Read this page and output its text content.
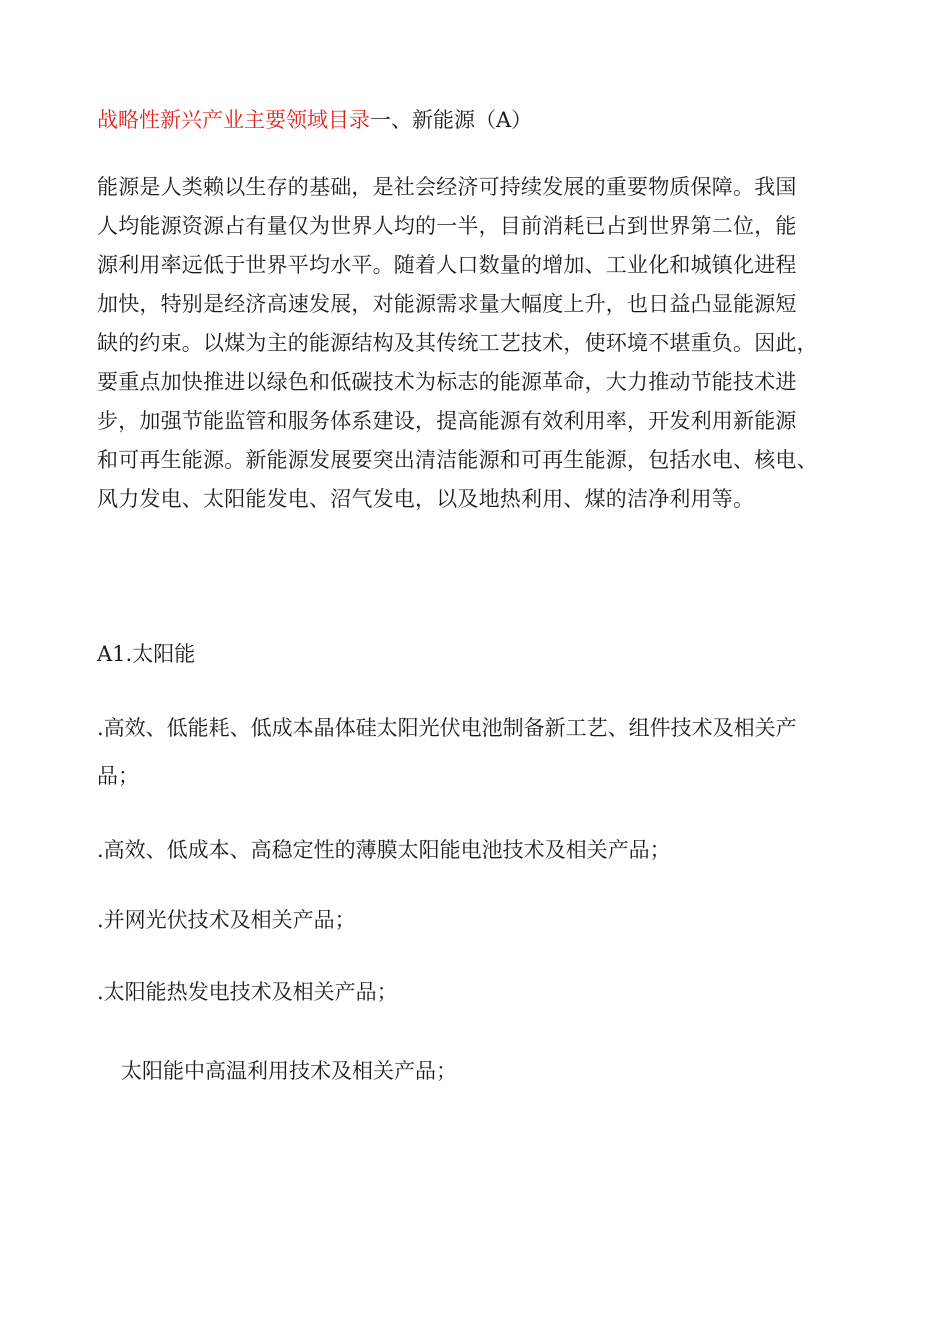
战略性新兴产业主要领域目录一、新能源（A）
能源是人类赖以生存的基础，是社会经济可持续发展的重要物质保障。我国
人均能源资源占有量仅为世界人均的一半，目前消耗已占到世界第二位，能
源利用率远低于世界平均水平。随着人口数量的增加、工业化和城镇化进程
加快，特别是经济高速发展，对能源需求量大幅度上升，也日益凸显能源短
缺的约束。以煤为主的能源结构及其传统工艺技术，使环境不堪重负。因此，
要重点加快推进以绿色和低碳技术为标志的能源革命，大力推动节能技术进
步，加强节能监管和服务体系建设，提高能源有效利用率，开发利用新能源
和可再生能源。新能源发展要突出清洁能源和可再生能源，包括水电、核电、
风力发电、太阳能发电、沼气发电，以及地热利用、煤的洁净利用等。
A1.太阳能
.高效、低能耗、低成本晶体硅太阳光伏电池制备新工艺、组件技术及相关产
品；
.高效、低成本、高稳定性的薄膜太阳能电池技术及相关产品；
.并网光伏技术及相关产品；
.太阳能热发电技术及相关产品；
太阳能中高温利用技术及相关产品；
